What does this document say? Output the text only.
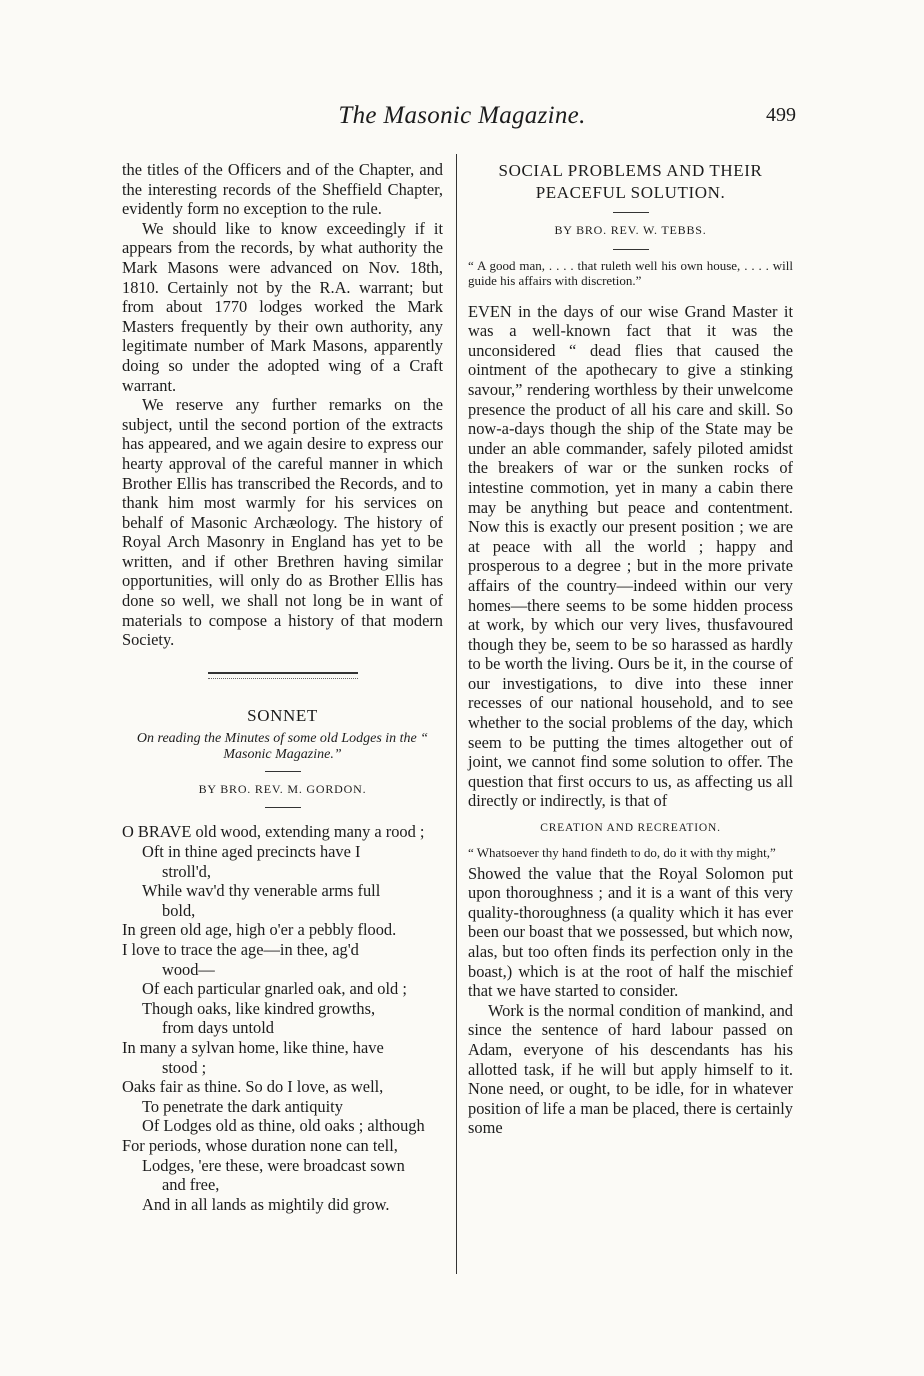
The Masonic Magazine.	499

the titles of the Officers and of the Chapter, and the interesting records of the Sheffield Chapter, evidently form no exception to the rule.

We should like to know exceedingly if it appears from the records, by what authority the Mark Masons were advanced on Nov. 18th, 1810. Certainly not by the R.A. warrant; but from about 1770 lodges worked the Mark Masters frequently by their own authority, any legitimate number of Mark Masons, apparently doing so under the adopted wing of a Craft warrant.

We reserve any further remarks on the subject, until the second portion of the extracts has appeared, and we again desire to express our hearty approval of the careful manner in which Brother Ellis has transcribed the Records, and to thank him most warmly for his services on behalf of Masonic Archæology. The history of Royal Arch Masonry in England has yet to be written, and if other Brethren having similar opportunities, will only do as Brother Ellis has done so well, we shall not long be in want of materials to compose a history of that modern Society.

SONNET
On reading the Minutes of some old Lodges in the “ Masonic Magazine.”
BY BRO. REV. M. GORDON.
O BRAVE old wood, extending many a rood ;
Oft in thine aged precincts have I
stroll'd,
While wav'd thy venerable arms full
bold,
In green old age, high o'er a pebbly flood.
I love to trace the age—in thee, ag'd
wood—
Of each particular gnarled oak, and old ;
Though oaks, like kindred growths,
from days untold
In many a sylvan home, like thine, have
stood ;
Oaks fair as thine. So do I love, as well,
To penetrate the dark antiquity
Of Lodges old as thine, old oaks ; although
For periods, whose duration none can tell,
Lodges, 'ere these, were broadcast sown
and free,
And in all lands as mightily did grow.
SOCIAL PROBLEMS AND THEIR PEACEFUL SOLUTION.
BY BRO. REV. W. TEBBS.

“ A good man, . . . . that ruleth well his own house, . . . . will guide his affairs with discretion.”

EVEN in the days of our wise Grand Master it was a well-known fact that it was the unconsidered “ dead flies that caused the ointment of the apothecary to give a stinking savour,” rendering worthless by their unwelcome presence the product of all his care and skill. So now-a-days though the ship of the State may be under an able commander, safely piloted amidst the breakers of war or the sunken rocks of intestine commotion, yet in many a cabin there may be anything but peace and contentment. Now this is exactly our present position ; we are at peace with all the world ; happy and prosperous to a degree ; but in the more private affairs of the country—indeed within our very homes—there seems to be some hidden process at work, by which our very lives, thusfavoured though they be, seem to be so harassed as hardly to be worth the living. Ours be it, in the course of our investigations, to dive into these inner recesses of our national household, and to see whether to the social problems of the day, which seem to be putting the times altogether out of joint, we cannot find some solution to offer. The question that first occurs to us, as affecting us all directly or indirectly, is that of

CREATION AND RECREATION.

“ Whatsoever thy hand findeth to do, do it with thy might,”

Showed the value that the Royal Solomon put upon thoroughness ; and it is a want of this very quality-thoroughness (a quality which it has ever been our boast that we possessed, but which now, alas, but too often finds its perfection only in the boast,) which is at the root of half the mischief that we have started to consider.

Work is the normal condition of mankind, and since the sentence of hard labour passed on Adam, everyone of his descendants has his allotted task, if he will but apply himself to it. None need, or ought, to be idle, for in whatever position of life a man be placed, there is certainly some
